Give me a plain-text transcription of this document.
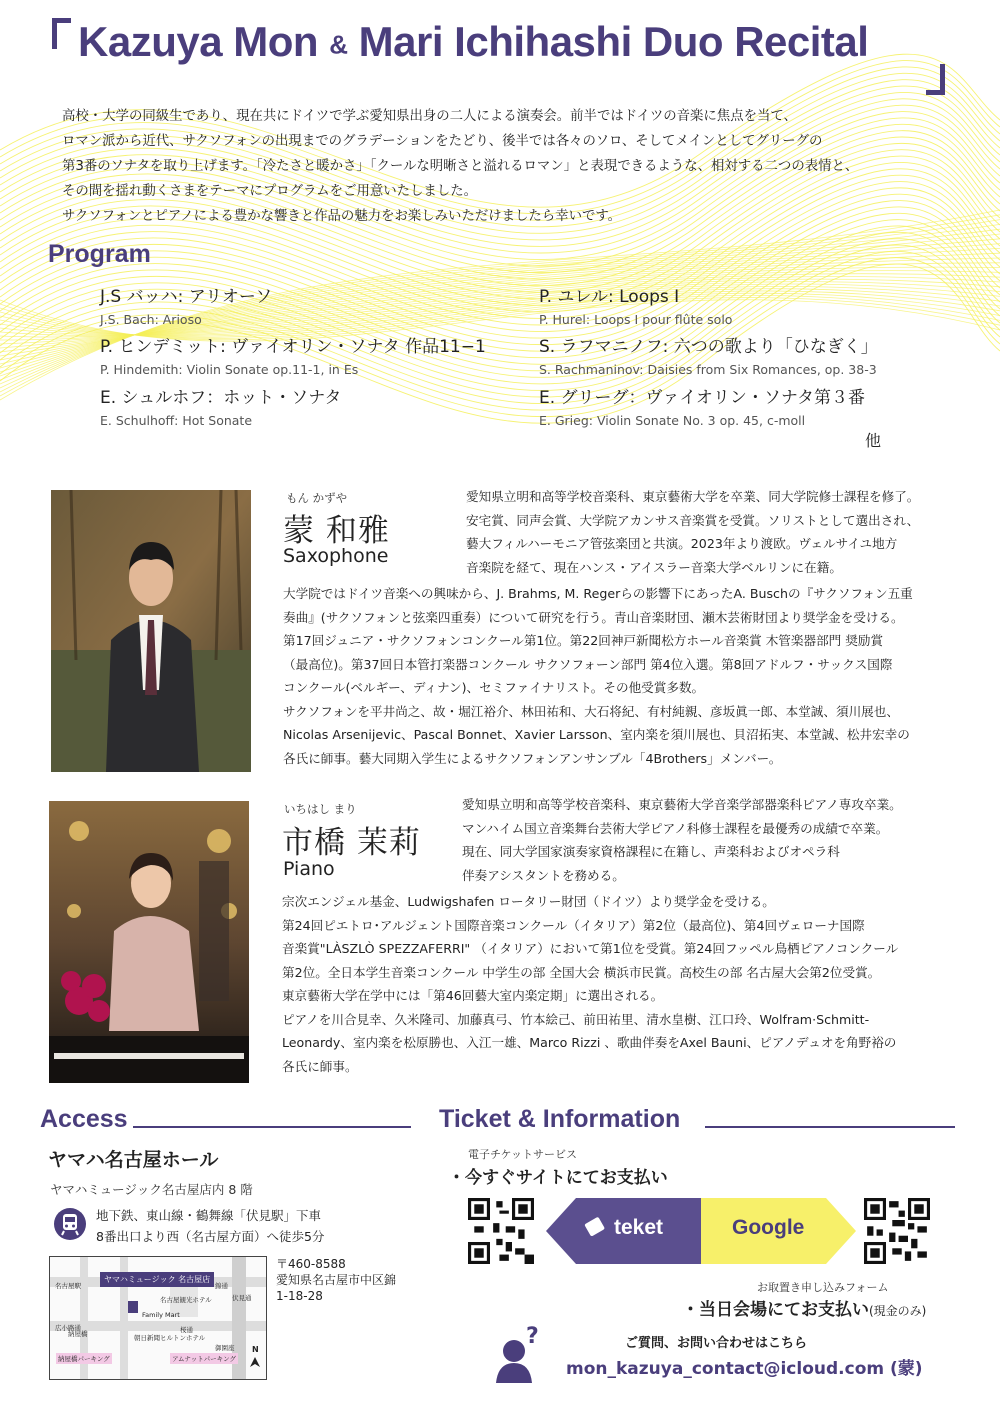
Kazuya Mon & Mari Ichihashi Duo Recital

高校・大学の同級生であり、現在共にドイツで学ぶ愛知県出身の二人による演奏会。前半ではドイツの音楽に焦点を当て、

ロマン派から近代、サクソフォンの出現までのグラデーションをたどり、後半では各々のソロ、そしてメインとしてグリーグの

第3番のソナタを取り上げます。「冷たさと暖かさ」「クールな明晰さと溢れるロマン」と表現できるような、相対する二つの表情と、

その間を揺れ動くさまをテーマにプログラムをご用意いたしました。

サクソフォンとピアノによる豊かな響きと作品の魅力をお楽しみいただけましたら幸いです。

Program
J.S バッハ: アリオーソ
J.S. Bach: Arioso
P. ヒンデミット: ヴァイオリン・ソナタ 作品11−1
P. Hindemith: Violin Sonate op.11-1, in Es
E. シュルホフ：ホット・ソナタ
E. Schulhoff: Hot Sonate
P. ユレル: Loops I
P. Hurel: Loops I pour flûte solo
S. ラフマニノフ: 六つの歌より「ひなぎく」
S. Rachmaninov: Daisies from Six Romances, op. 38-3
E. グリーグ：ヴァイオリン・ソナタ第３番
E. Grieg: Violin Sonate No. 3 op. 45, c-moll
他
もん かずや
蒙 和雅
Saxophone

愛知県立明和高等学校音楽科、東京藝術大学を卒業、同大学院修士課程を修了。

安宅賞、同声会賞、大学院アカンサス音楽賞を受賞。ソリストとして選出され、

藝大フィルハーモニア管弦楽団と共演。2023年より渡欧。ヴェルサイユ地方

音楽院を経て、現在ハンス・アイスラー音楽大学ベルリンに在籍。

大学院ではドイツ音楽への興味から、J. Brahms, M. Regerらの影響下にあったA. Buschの『サクソフォン五重

奏曲』(サクソフォンと弦楽四重奏）について研究を行う。青山音楽財団、瀬木芸術財団より奨学金を受ける。

第17回ジュニア・サクソフォンコンクール第1位。第22回神戸新聞松方ホール音楽賞 木管楽器部門 奨励賞

（最高位)。第37回日本管打楽器コンクール サクソフォーン部門 第4位入選。第8回アドルフ・サックス国際

コンクール(ベルギー、ディナン)、セミファイナリスト。その他受賞多数。

サクソフォンを平井尚之、故・堀江裕介、林田祐和、大石将紀、有村純親、彦坂眞一郎、本堂誠、須川展也、

Nicolas Arsenijevic、Pascal Bonnet、Xavier Larsson、室内楽を須川展也、貝沼拓実、本堂誠、松井宏幸の

各氏に師事。藝大同期入学生によるサクソフォンアンサンブル「4Brothers」メンバー。

いちはし まり
市橋 茉莉
Piano

愛知県立明和高等学校音楽科、東京藝術大学音楽学部器楽科ピアノ専攻卒業。

マンハイム国立音楽舞台芸術大学ピアノ科修士課程を最優秀の成績で卒業。

現在、同大学国家演奏家資格課程に在籍し、声楽科およびオペラ科

伴奏アシスタントを務める。

宗次エンジェル基金、Ludwigshafen ロータリー財団（ドイツ）より奨学金を受ける。

第24回ピエトロ･アルジェント国際音楽コンクール（イタリア）第2位（最高位)、第4回ヴェローナ国際

音楽賞"LÀSZLÒ SPEZZAFERRI" （イタリア）において第1位を受賞。第24回フッペル鳥栖ピアノコンクール

第2位。全日本学生音楽コンクール 中学生の部 全国大会 横浜市民賞。高校生の部 名古屋大会第2位受賞。

東京藝術大学在学中には「第46回藝大室内楽定期」に選出される。

ピアノを川合見幸、久米隆司、加藤真弓、竹本絵己、前田祐里、清水皇樹、江口玲、Wolfram·Schmitt-

Leonardy、室内楽を松原勝也、入江一雄、Marco Rizzi 、歌曲伴奏をAxel Bauni、ピアノデュオを角野裕の

各氏に師事。

Access
ヤマハ名古屋ホール
ヤマハミュージック名古屋店内 8 階
地下鉄、東山線・鶴舞線「伏見駅」下車
8番出口より西（名古屋方面）へ徒歩5分
ヤマハミュージック 名古屋店
名古屋駅	錦通
桜通
伏見通
納屋橋
広小路通
Family Mart
名古屋観光ホテル
朝日新聞ヒルトンホテル
御園座
納屋橋パーキング	アムナットパーキング
N
〒460-8588
愛知県名古屋市中区錦
1-18-28
Ticket & Information
電子チケットサービス
・今すぐサイトにてお支払い
teket	Google
お取置き申し込みフォーム
・当日会場にてお支払い(現金のみ)
?	ご質問、お問い合わせはこちら
mon_kazuya_contact@icloud.com (蒙)
